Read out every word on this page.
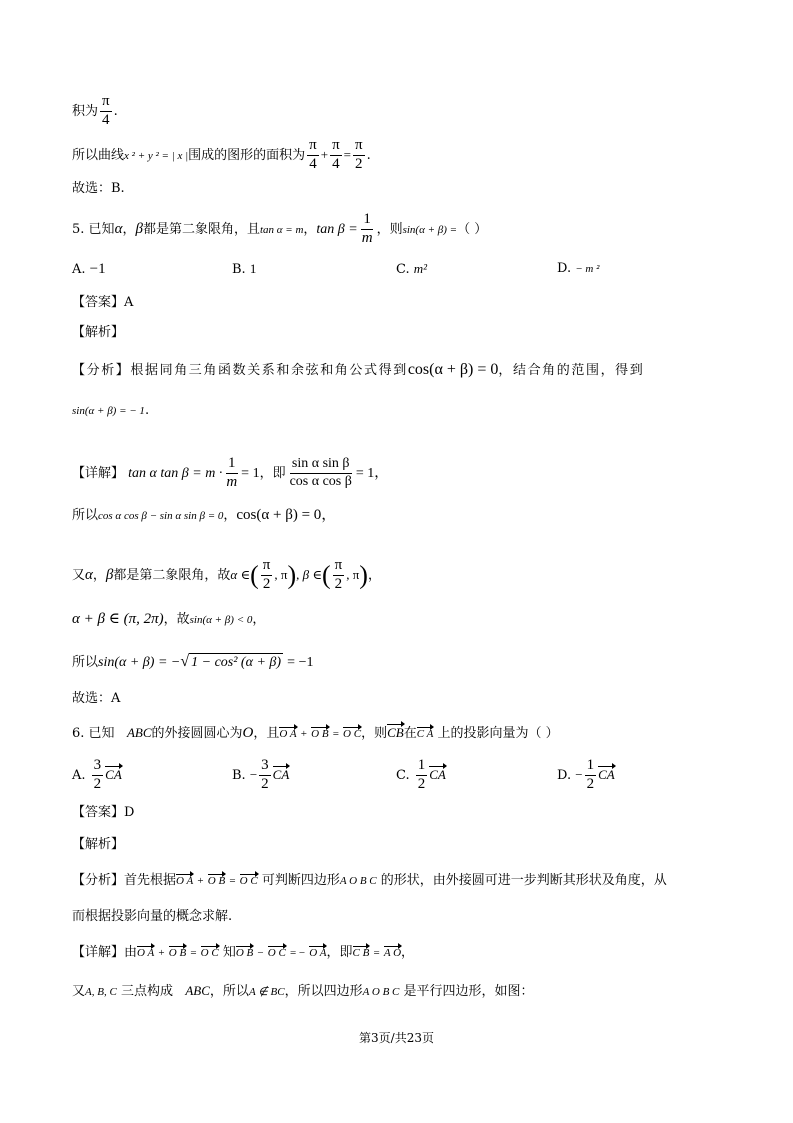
积为 $\frac{\pi}{4}$ .
所以曲线x ² + y ² = | x |围成的图形的面积为 $\frac{\pi}{4} + \frac{\pi}{4} = \frac{\pi}{2}$ .
故选：B.
5. 已知α，β都是第二象限角，且tan α = m，$\tan \beta = \frac{1}{m}$ ，则sin(α + β) =（ ）
A. −1	B. 1	C. m²	D. − m ²
【答案】A
【解析】
【分析】根据同角三角函数关系和余弦和角公式得到cos(α + β) = 0，结合角的范围，得到
sin(α + β) = − 1.
【详解】 tan α $\tan \beta = m \cdot \frac{1}{m} = 1$，即 $\frac{\text{sin α sin β}}{\text{cos α cos β}} = 1$，
所以cos α cos β − sin α sin β = 0，cos(α + β) = 0，
又α，β都是第二象限角，故α ∈( $\frac{\pi}{2}$ , π), β ∈( $\frac{\pi}{2}$ , π)，
α + β ∈ (π, 2π)，故sin(α + β) < 0，
所以sin(α + β) = −√ 1 − cos² (α + β) = −1
故选：A
6. 已知 ABC的外接圆圆心为O，且O A + O B = O C，则CB在C A 上的投影向量为（ ）
A. $\frac{3}{2}$ CA	B. − $\frac{3}{2}$ CA	C. $\frac{1}{2}$ CA	D. − $\frac{1}{2}$ CA
【答案】D
【解析】
【分析】首先根据O A + O B = O C 可判断四边形A O B C 的形状，由外接圆可进一步判断其形状及角度，从
而根据投影向量的概念求解.
【详解】由O A + O B = O C 知O B − O C = − O A，即C B = A O，
又A, B, C 三点构成 ABC，所以A ∉ BC，所以四边形A O B C 是平行四边形，如图：
第3页/共23页
